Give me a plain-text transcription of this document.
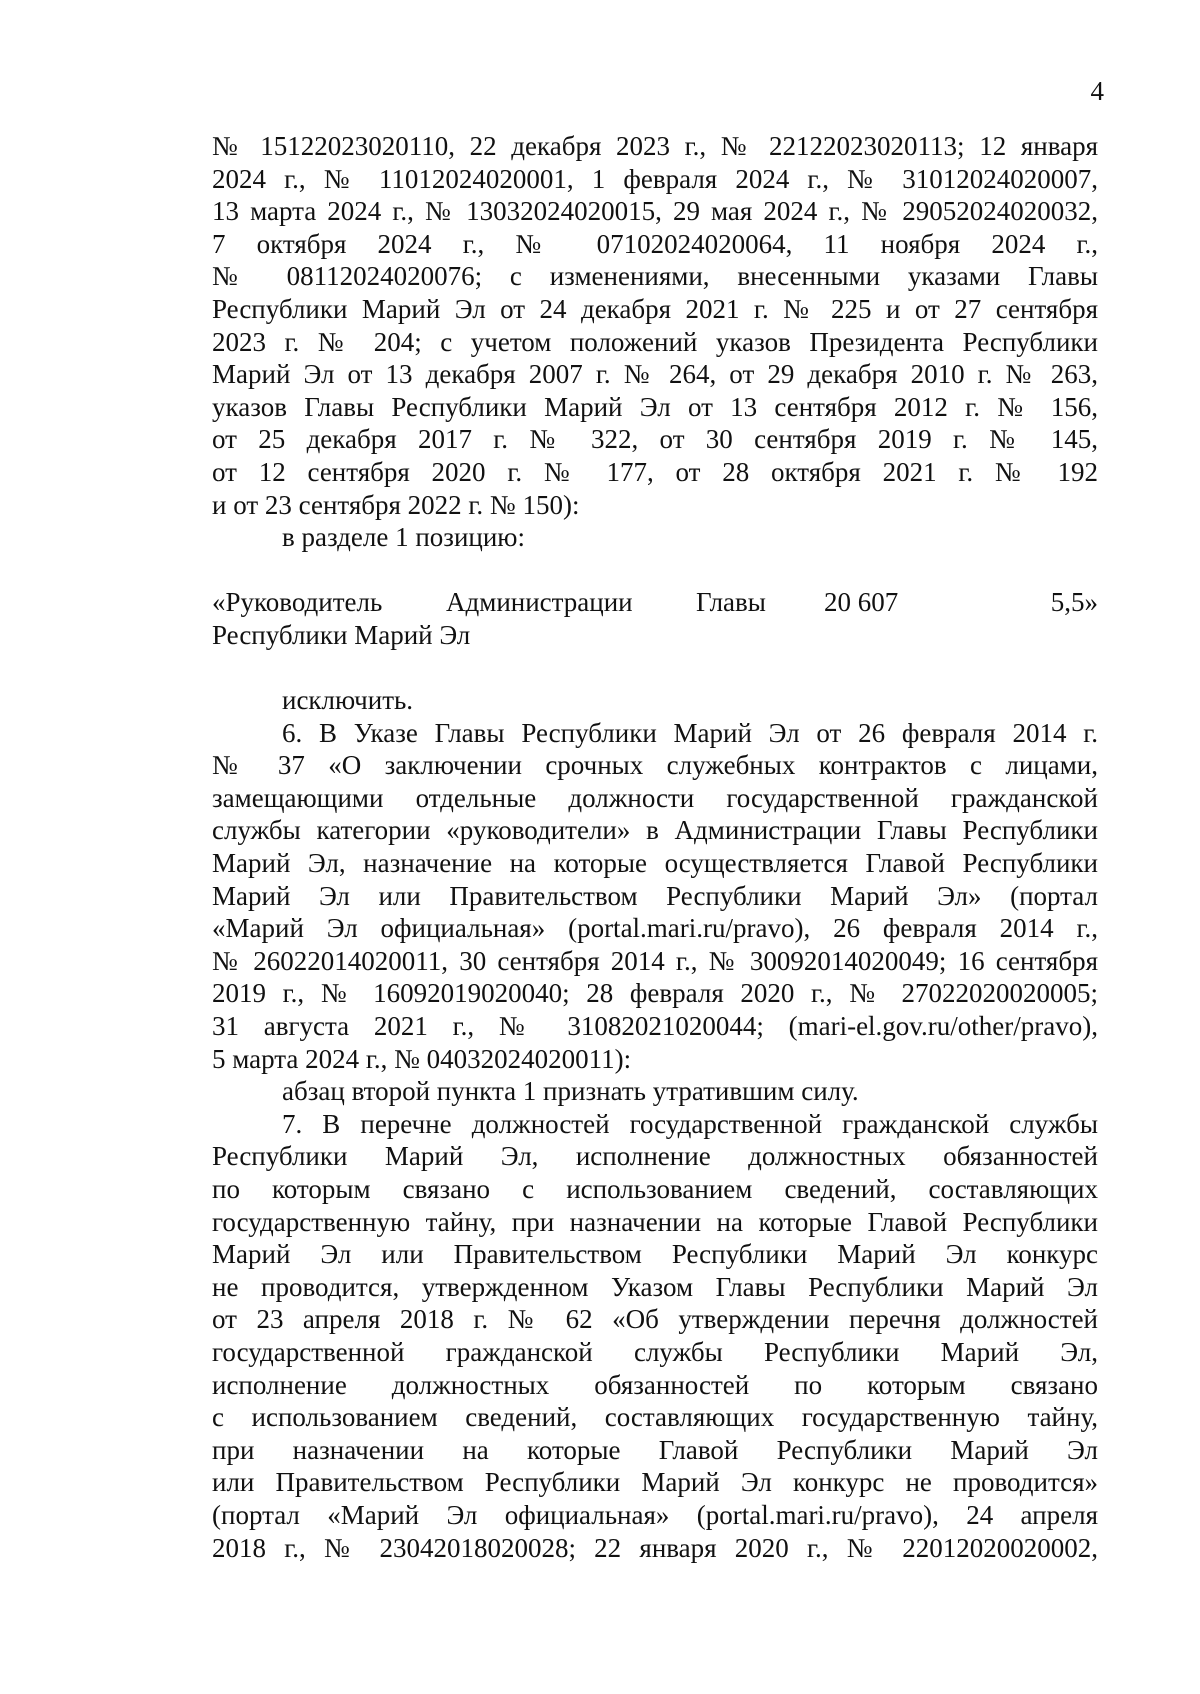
4
№ 15122023020110, 22 декабря 2023 г., № 22122023020113; 12 января
2024 г., № 11012024020001, 1 февраля 2024 г., № 31012024020007,
13 марта 2024 г., № 13032024020015, 29 мая 2024 г., № 29052024020032,
7 октября 2024 г., № 07102024020064, 11 ноября 2024 г.,
№ 08112024020076; с изменениями, внесенными указами Главы
Республики Марий Эл от 24 декабря 2021 г. № 225 и от 27 сентября
2023 г. № 204; с учетом положений указов Президента Республики
Марий Эл от 13 декабря 2007 г. № 264, от 29 декабря 2010 г. № 263,
указов Главы Республики Марий Эл от 13 сентября 2012 г. № 156,
от 25 декабря 2017 г. № 322, от 30 сентября 2019 г. № 145,
от 12 сентября 2020 г. № 177, от 28 октября 2021 г. № 192
и от 23 сентября 2022 г. № 150):
в разделе 1 позицию:
«Руководитель Администрации Главы 20 607	5,5»
Республики Марий Эл
исключить.
6. В Указе Главы Республики Марий Эл от 26 февраля 2014 г.
№ 37 «О заключении срочных служебных контрактов с лицами,
замещающими отдельные должности государственной гражданской
службы категории «руководители» в Администрации Главы Республики
Марий Эл, назначение на которые осуществляется Главой Республики
Марий Эл или Правительством Республики Марий Эл» (портал
«Марий Эл официальная» (portal.mari.ru/pravo), 26 февраля 2014 г.,
№ 26022014020011, 30 сентября 2014 г., № 30092014020049; 16 сентября
2019 г., № 16092019020040; 28 февраля 2020 г., № 27022020020005;
31 августа 2021 г., № 31082021020044; (mari-el.gov.ru/other/pravo),
5 марта 2024 г., № 04032024020011):
абзац второй пункта 1 признать утратившим силу.
7. В перечне должностей государственной гражданской службы
Республики Марий Эл, исполнение должностных обязанностей
по которым связано с использованием сведений, составляющих
государственную тайну, при назначении на которые Главой Республики
Марий Эл или Правительством Республики Марий Эл конкурс
не проводится, утвержденном Указом Главы Республики Марий Эл
от 23 апреля 2018 г. № 62 «Об утверждении перечня должностей
государственной гражданской службы Республики Марий Эл,
исполнение должностных обязанностей по которым связано
с использованием сведений, составляющих государственную тайну,
при назначении на которые Главой Республики Марий Эл
или Правительством Республики Марий Эл конкурс не проводится»
(портал «Марий Эл официальная» (portal.mari.ru/pravo), 24 апреля
2018 г., № 23042018020028; 22 января 2020 г., № 22012020020002,
